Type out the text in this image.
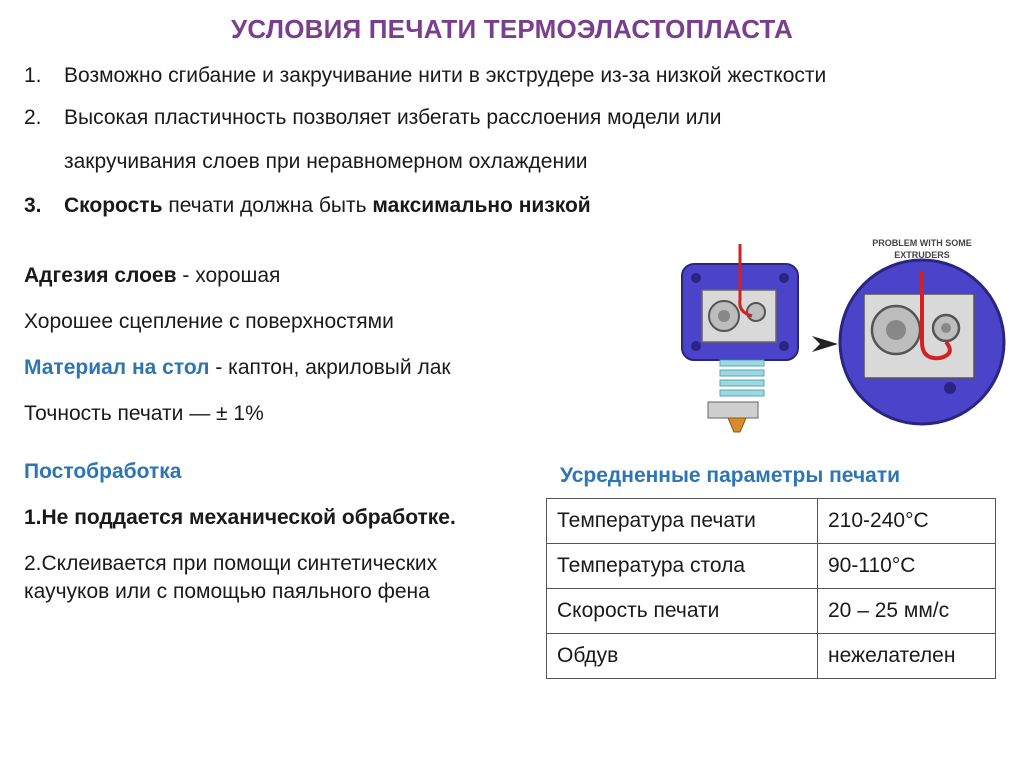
УСЛОВИЯ ПЕЧАТИ ТЕРМОЭЛАСТОПЛАСТА
1. Возможно сгибание и закручивание нити в экструдере из-за низкой жесткости
2. Высокая пластичность позволяет избегать расслоения модели или
закручивания слоев при неравномерном охлаждении
3. Скорость печати должна быть максимально низкой
Адгезия слоев - хорошая
Хорошее сцепление с поверхностями
Материал на стол - каптон, акриловый лак
Точность печати — ± 1%
PROBLEM WITH SOME
EXTRUDERS
Постобработка
1.Не поддается механической обработке.
2.Склеивается при помощи синтетических каучуков или с помощью паяльного фена
Усредненные параметры печати
Температура печати	210-240°C
Температура стола	90-110°C
Скорость печати	20 – 25 мм/с
Обдув	нежелателен
